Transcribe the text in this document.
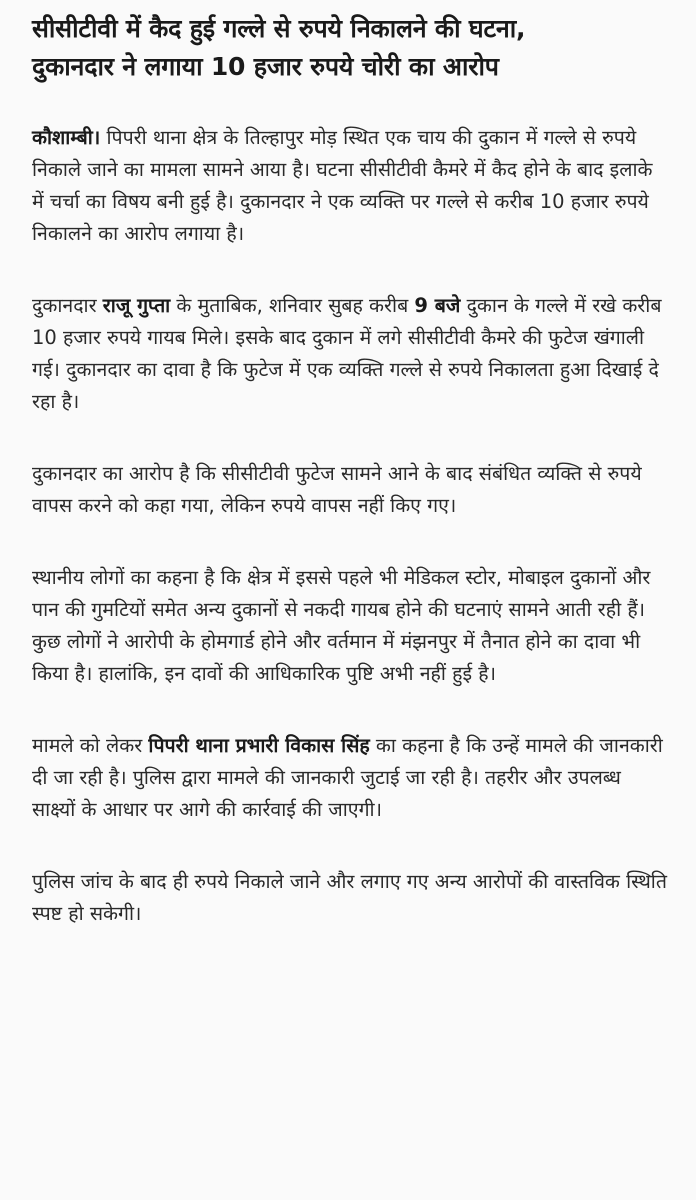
सीसीटीवी में कैद हुई गल्ले से रुपये निकालने की घटना,
दुकानदार ने लगाया 10 हजार रुपये चोरी का आरोप

कौशाम्बी। पिपरी थाना क्षेत्र के तिल्हापुर मोड़ स्थित एक चाय की दुकान में गल्ले से रुपये निकाले जाने का मामला सामने आया है। घटना सीसीटीवी कैमरे में कैद होने के बाद इलाके में चर्चा का विषय बनी हुई है। दुकानदार ने एक व्यक्ति पर गल्ले से करीब 10 हजार रुपये निकालने का आरोप लगाया है।

दुकानदार राजू गुप्ता के मुताबिक, शनिवार सुबह करीब 9 बजे दुकान के गल्ले में रखे करीब 10 हजार रुपये गायब मिले। इसके बाद दुकान में लगे सीसीटीवी कैमरे की फुटेज खंगाली गई। दुकानदार का दावा है कि फुटेज में एक व्यक्ति गल्ले से रुपये निकालता हुआ दिखाई दे रहा है।

दुकानदार का आरोप है कि सीसीटीवी फुटेज सामने आने के बाद संबंधित व्यक्ति से रुपये वापस करने को कहा गया, लेकिन रुपये वापस नहीं किए गए।

स्थानीय लोगों का कहना है कि क्षेत्र में इससे पहले भी मेडिकल स्टोर, मोबाइल दुकानों और पान की गुमटियों समेत अन्य दुकानों से नकदी गायब होने की घटनाएं सामने आती रही हैं। कुछ लोगों ने आरोपी के होमगार्ड होने और वर्तमान में मंझनपुर में तैनात होने का दावा भी किया है। हालांकि, इन दावों की आधिकारिक पुष्टि अभी नहीं हुई है।

मामले को लेकर पिपरी थाना प्रभारी विकास सिंह का कहना है कि उन्हें मामले की जानकारी दी जा रही है। पुलिस द्वारा मामले की जानकारी जुटाई जा रही है। तहरीर और उपलब्ध साक्ष्यों के आधार पर आगे की कार्रवाई की जाएगी।

पुलिस जांच के बाद ही रुपये निकाले जाने और लगाए गए अन्य आरोपों की वास्तविक स्थिति स्पष्ट हो सकेगी।
